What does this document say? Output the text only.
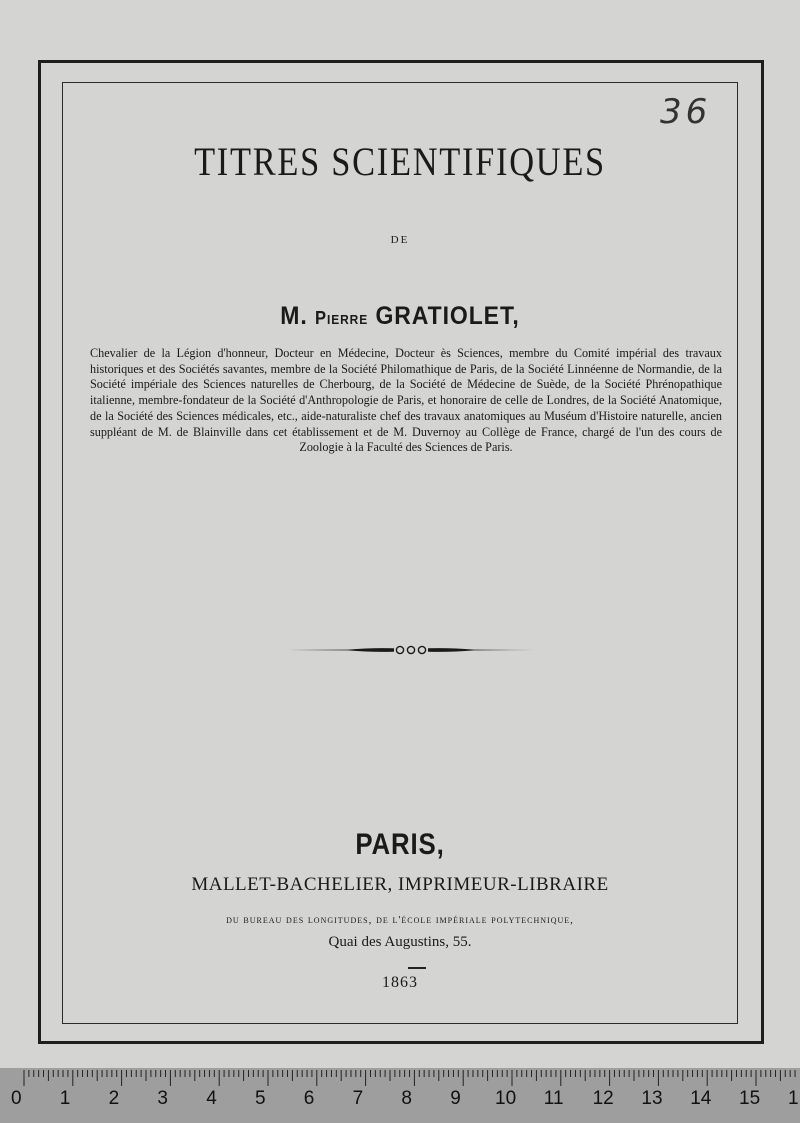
36
TITRES SCIENTIFIQUES
DE
M. Pierre GRATIOLET,
Chevalier de la Légion d'honneur, Docteur en Médecine, Docteur ès Sciences, membre du Comité impérial des travaux historiques et des Sociétés savantes, membre de la Société Philomathique de Paris, de la Société Linnéenne de Normandie, de la Société impériale des Sciences naturelles de Cherbourg, de la Société de Médecine de Suède, de la Société Phrénopathique italienne, membre-fondateur de la Société d'Anthropologie de Paris, et honoraire de celle de Londres, de la Société Anatomique, de la Société des Sciences médicales, etc., aide-naturaliste chef des travaux anatomiques au Muséum d'Histoire naturelle, ancien suppléant de M. de Blainville dans cet établissement et de M. Duvernoy au Collège de France, chargé de l'un des cours de Zoologie à la Faculté des Sciences de Paris.
PARIS,
MALLET-BACHELIER, IMPRIMEUR-LIBRAIRE
du bureau des longitudes, de l'école impériale polytechnique,
Quai des Augustins, 55.
1863
0 1 2 3 4 5 6 7 8 9 10 11 12 13 14 15 1
